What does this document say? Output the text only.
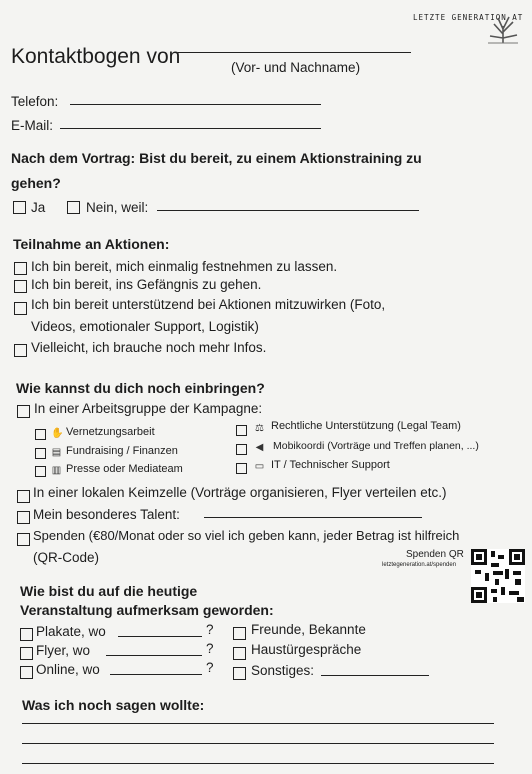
LETZTE GENERATION AT
Kontaktbogen von	(Vor- und Nachname)
Telefon:
E-Mail:
Nach dem Vortrag: Bist du bereit, zu einem Aktionstraining zu
gehen?
Ja	Nein, weil:
Teilnahme an Aktionen:
Ich bin bereit, mich einmalig festnehmen zu lassen.
Ich bin bereit, ins Gefängnis zu gehen.
Ich bin bereit unterstützend bei Aktionen mitzuwirken (Foto,
Videos, emotionaler Support, Logistik)
Vielleicht, ich brauche noch mehr Infos.
Wie kannst du dich noch einbringen?
In einer Arbeitsgruppe der Kampagne:
✋ Vernetzungsarbeit
▤ Fundraising / Finanzen
▥ Presse oder Mediateam
⚖ Rechtliche Unterstützung (Legal Team)
◀ Mobikoordi (Vorträge und Treffen planen, ...)
▭ IT / Technischer Support
In einer lokalen Keimzelle (Vorträge organisieren, Flyer verteilen etc.)
Mein besonderes Talent:
Spenden (€80/Monat oder so viel ich geben kann, jeder Betrag ist hilfreich
(QR-Code)	Spenden QR
letztegeneration.at/spenden
Wie bist du auf die heutige
Veranstaltung aufmerksam geworden:
Plakate, wo	?
Flyer, wo	?
Online, wo	?
Freunde, Bekannte
Haustürgespräche
Sonstiges:
Was ich noch sagen wollte:
